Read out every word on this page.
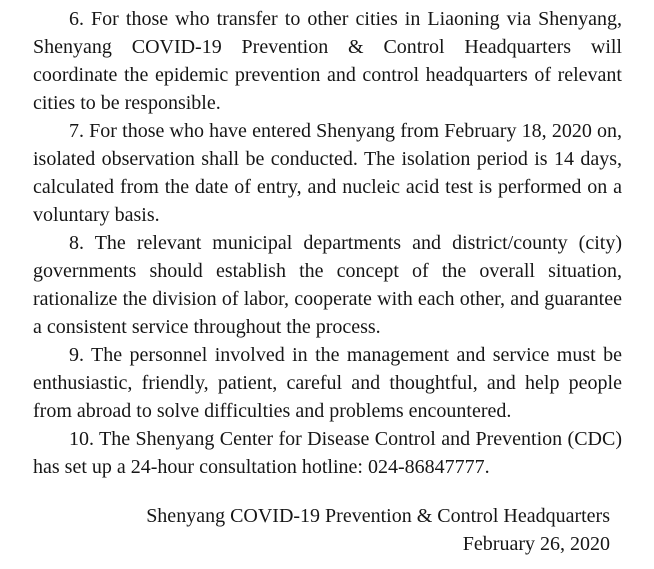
6. For those who transfer to other cities in Liaoning via Shenyang, Shenyang COVID-19 Prevention & Control Headquarters will coordinate the epidemic prevention and control headquarters of relevant cities to be responsible.

7. For those who have entered Shenyang from February 18, 2020 on, isolated observation shall be conducted. The isolation period is 14 days, calculated from the date of entry, and nucleic acid test is performed on a voluntary basis.

8. The relevant municipal departments and district/county (city) governments should establish the concept of the overall situation, rationalize the division of labor, cooperate with each other, and guarantee a consistent service throughout the process.

9. The personnel involved in the management and service must be enthusiastic, friendly, patient, careful and thoughtful, and help people from abroad to solve difficulties and problems encountered.

10. The Shenyang Center for Disease Control and Prevention (CDC) has set up a 24-hour consultation hotline: 024-86847777.

Shenyang COVID-19 Prevention & Control Headquarters

February 26, 2020
